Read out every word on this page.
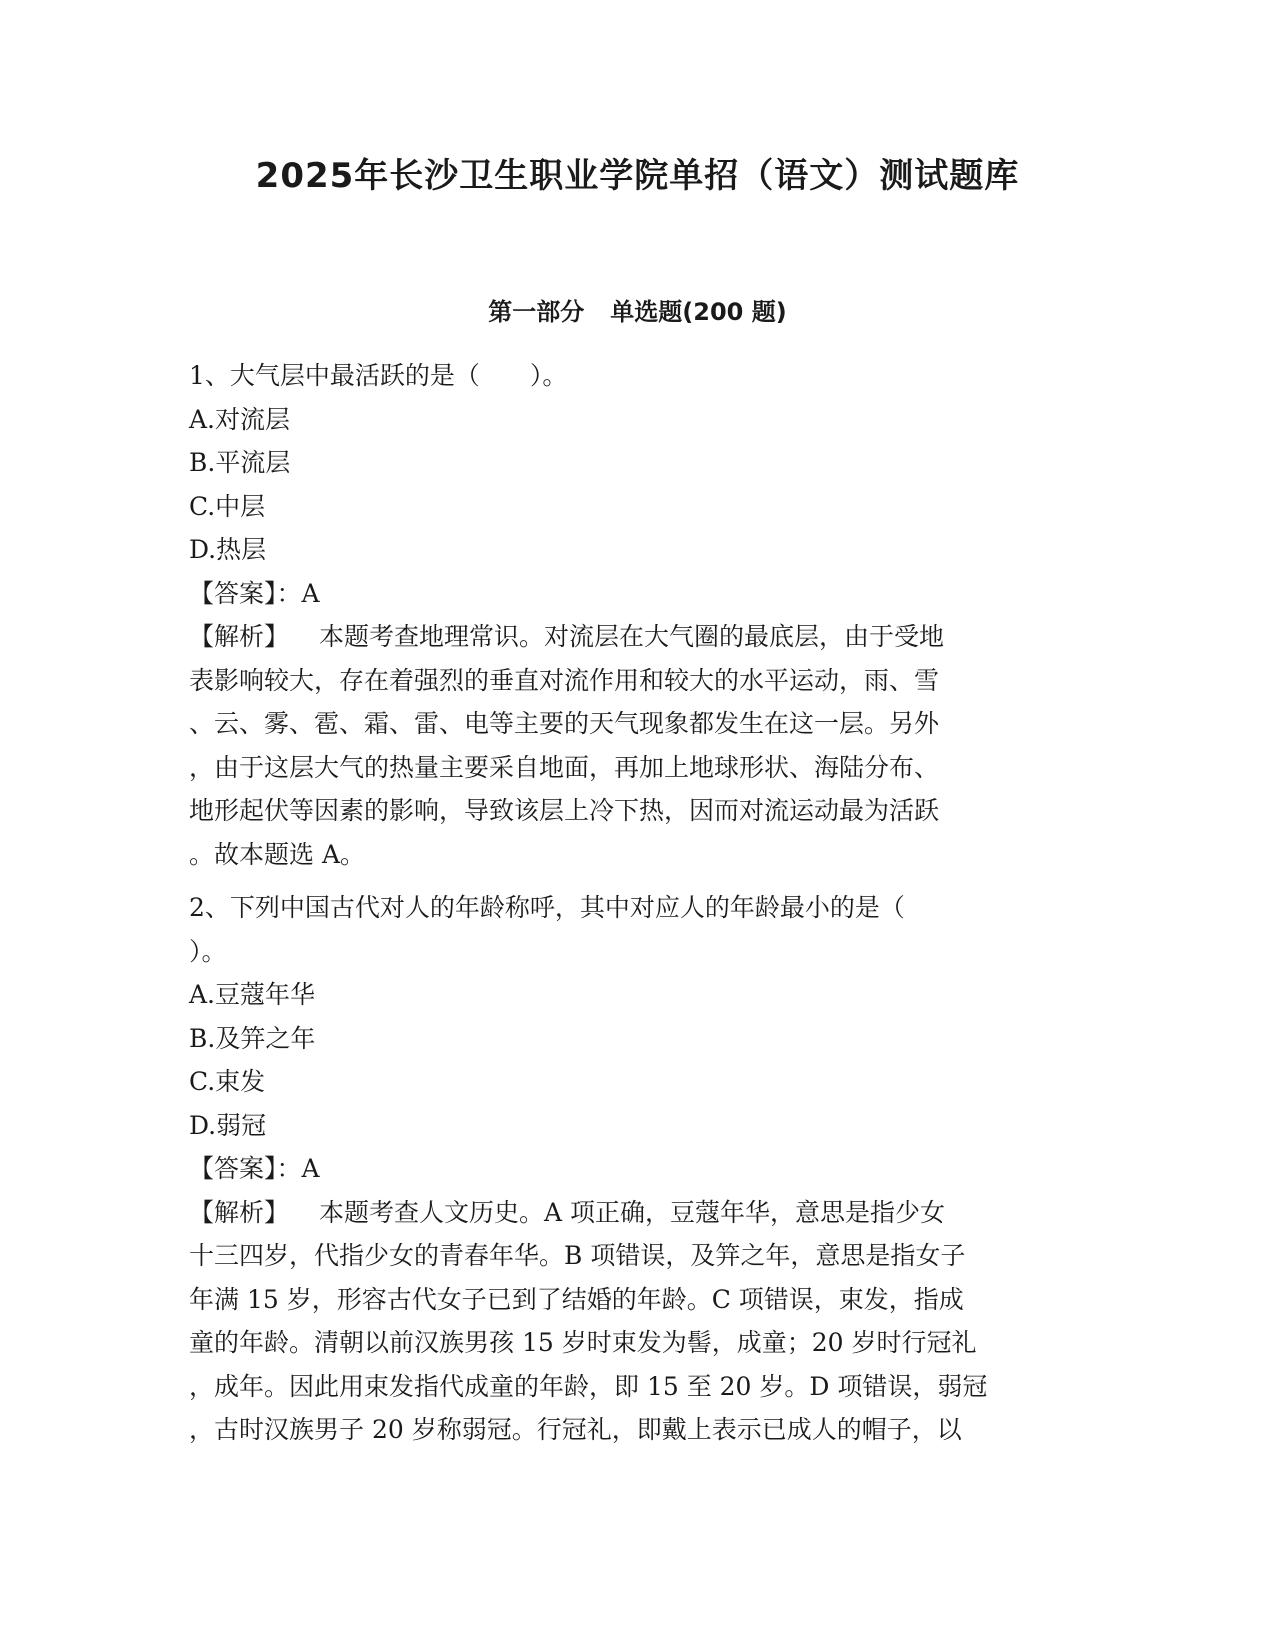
2025年长沙卫生职业学院单招（语文）测试题库
第一部分 单选题(200 题)
1、大气层中最活跃的是（　　）。
A.对流层
B.平流层
C.中层
D.热层
【答案】：A
【解析】 本题考查地理常识。对流层在大气圈的最底层，由于受地
表影响较大，存在着强烈的垂直对流作用和较大的水平运动，雨、雪
、云、雾、雹、霜、雷、电等主要的天气现象都发生在这一层。另外
，由于这层大气的热量主要采自地面，再加上地球形状、海陆分布、
地形起伏等因素的影响，导致该层上冷下热，因而对流运动最为活跃
。故本题选 A。
2、下列中国古代对人的年龄称呼，其中对应人的年龄最小的是（
）。
A.豆蔻年华
B.及笄之年
C.束发
D.弱冠
【答案】：A
【解析】 本题考查人文历史。A 项正确，豆蔻年华，意思是指少女
十三四岁，代指少女的青春年华。B 项错误，及笄之年，意思是指女子
年满 15 岁，形容古代女子已到了结婚的年龄。C 项错误，束发，指成
童的年龄。清朝以前汉族男孩 15 岁时束发为髻，成童；20 岁时行冠礼
，成年。因此用束发指代成童的年龄，即 15 至 20 岁。D 项错误，弱冠
，古时汉族男子 20 岁称弱冠。行冠礼，即戴上表示已成人的帽子，以
